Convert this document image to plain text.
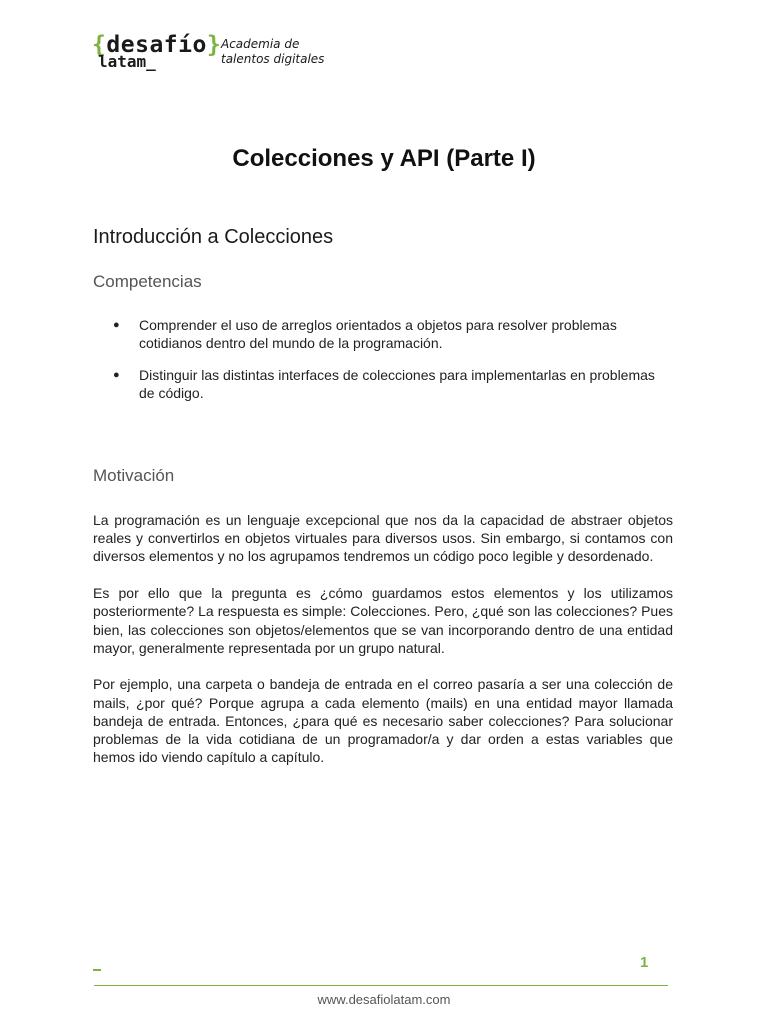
{desafío}
latam_
Academia de
talentos digitales
Colecciones y API (Parte I)
Introducción a Colecciones
Competencias
● Comprender el uso de arreglos orientados a objetos para resolver problemas cotidianos dentro del mundo de la programación.
● Distinguir las distintas interfaces de colecciones para implementarlas en problemas de código.
Motivación

La programación es un lenguaje excepcional que nos da la capacidad de abstraer objetos reales y convertirlos en objetos virtuales para diversos usos. Sin embargo, si contamos con diversos elementos y no los agrupamos tendremos un código poco legible y desordenado.

Es por ello que la pregunta es ¿cómo guardamos estos elementos y los utilizamos posteriormente? La respuesta es simple: Colecciones. Pero, ¿qué son las colecciones? Pues bien, las colecciones son objetos/elementos que se van incorporando dentro de una entidad mayor, generalmente representada por un grupo natural.

Por ejemplo, una carpeta o bandeja de entrada en el correo pasaría a ser una colección de mails, ¿por qué? Porque agrupa a cada elemento (mails) en una entidad mayor llamada bandeja de entrada. Entonces, ¿para qué es necesario saber colecciones? Para solucionar problemas de la vida cotidiana de un programador/a y dar orden a estas variables que hemos ido viendo capítulo a capítulo.

1
www.desafiolatam.com
